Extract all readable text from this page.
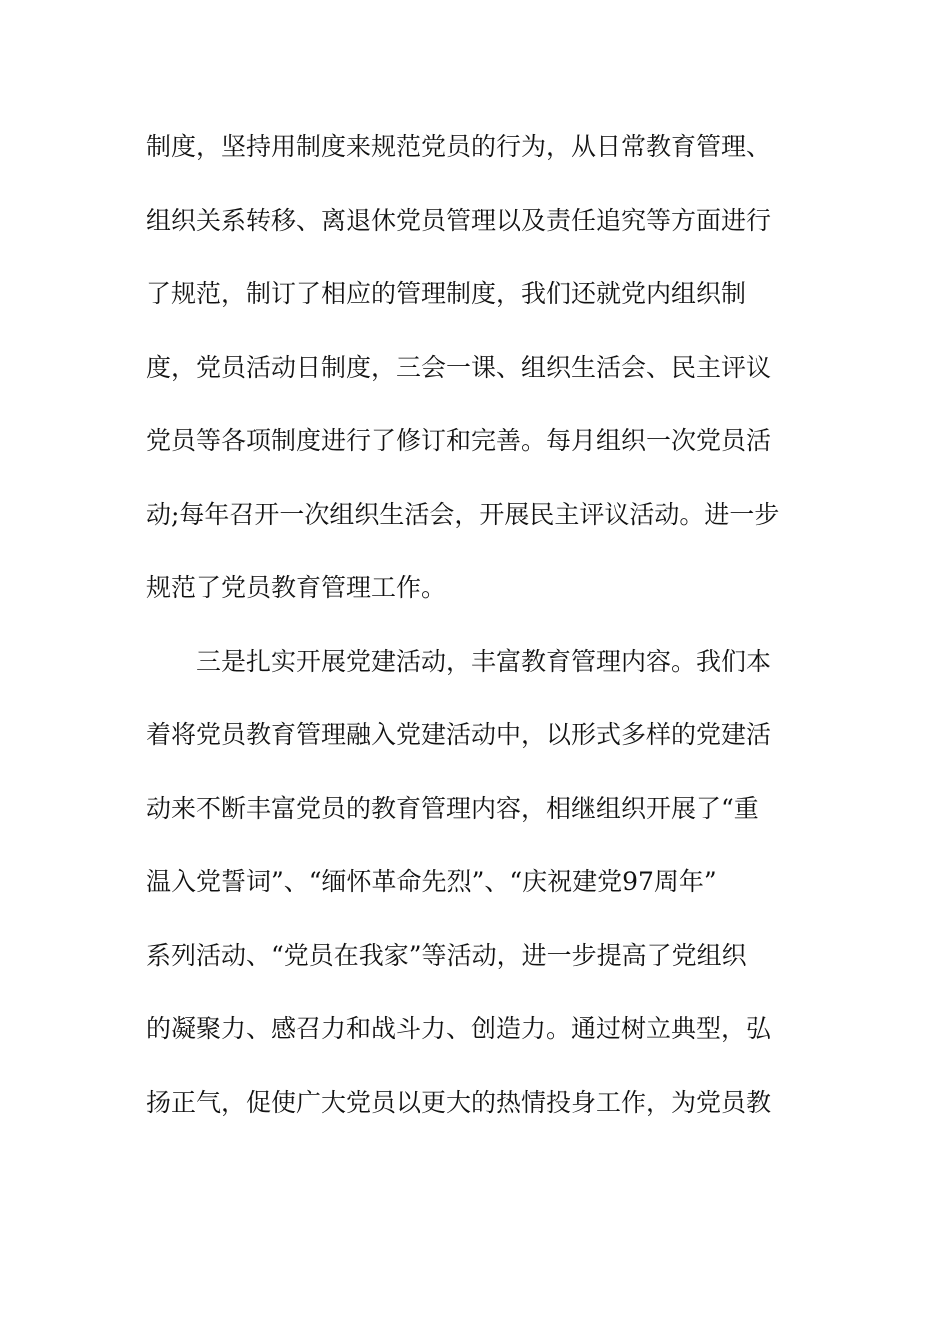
制度，坚持用制度来规范党员的行为，从日常教育管理、
组织关系转移、离退休党员管理以及责任追究等方面进行
了规范，制订了相应的管理制度，我们还就党内组织制
度，党员活动日制度，三会一课、组织生活会、民主评议
党员等各项制度进行了修订和完善。每月组织一次党员活
动;每年召开一次组织生活会，开展民主评议活动。进一步
规范了党员教育管理工作。
　　三是扎实开展党建活动，丰富教育管理内容。我们本
着将党员教育管理融入党建活动中，以形式多样的党建活
动来不断丰富党员的教育管理内容，相继组织开展了“重
温入党誓词”、“缅怀革命先烈”、“庆祝建党97周年”
系列活动、“党员在我家”等活动，进一步提高了党组织
的凝聚力、感召力和战斗力、创造力。通过树立典型，弘
扬正气，促使广大党员以更大的热情投身工作，为党员教
